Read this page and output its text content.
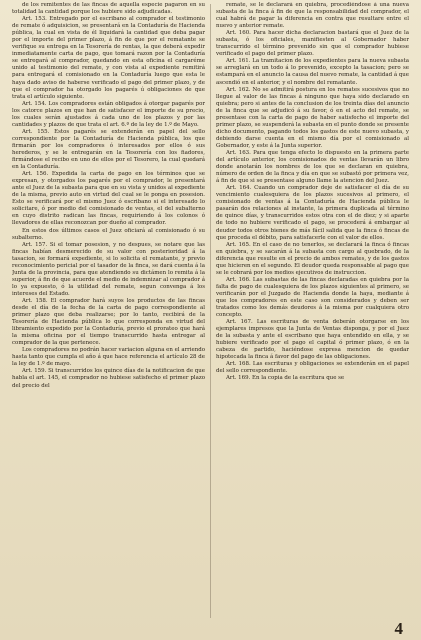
de los remitentes de las fincas de aquella especie pagaron en su totalidad la cantidad porque los hubiere sido adjudicadas.

Art. 153. Entregado por el escribano al comprador el testimonio de remate ó adquisicion, se presentará en la Contaduría de Hacienda pública, la cual en vista de él liquidará la cantidad que deba pagar por el importe del primer plazo, á fin de que por el rematante se verifique su entrega en la Tesorería de rentas, la que deberá expedir inmediatamente carta de pago, que tomará razon por la Contaduría se entregará al comprador, quedando en esta oficina el cargaréme unido al testimonio del remate, y con vista al expediente remitirá para entregará el comisionado en la Contaduría luego que esta le haya dado aviso de haberse verificado el pago del primer plazo, y de que el comprador ha otorgado los pagarés ú obligaciones de que trata el artículo siguiente.

Art. 154. Los compradores están obligados á otorgar pagarés por los catorce plazos en que han de satisfacer el importe de su precio, los cuales serán ajustados á cada uno de los plazos y por las cantidades y plazos de que trata el art. 6.º de la ley de 1.º de Mayo.

Art. 155. Estos pagarés se extenderán en papel del sello correspondiente por la Contaduría de Hacienda pública, los que firmarán por los compradores ó interesados por ellos ó sus herederos, y se le entregarán en la Tesorería con los fiadores, firmándose el recibo en uno de ellos por el Tesorero, la cual quedará en la Contaduría.

Art. 156. Expedida la carta de pago en los términos que se expresan, y otorgados los pagarés por el comprador, le presentará ante el Juez de la subasta para que en su vista y unidos al expediente de la misma, previo auto en virtud del cual se le ponga en posesion. Esto se verificará por el mismo Juez ó escribano si el interesado lo solicitare, ó por medio del comisionado de ventas, el del subalterno en cuyo distrito radican las fincas, requiriendo á los colonos ó llevadores de ellas reconozcan por dueño al comprador.

En estos dos últimos casos el Juez oficiará al comisionado ó su subalterno.

Art. 157. Si el tomar posesion, y no despues, se notare que las fincas habían desmerecido de su valor con posterioridad á la tasacion, se formará expediente, si lo solicita el rematante, y previo reconocimiento pericial por el tasador de la finca, se dará cuenta á la Junta de la provincia, para que atendiendo su dictámen lo remita á la superior, á fin de que acuerde el medio de indemnizar al comprador á lo ya expuesto, ó la utilidad del remate, segun convenga á los intereses del Estado.

Art. 158. El comprador hará suyos los productos de las fincas desde el día de la fecha de la carta de pago correspondiente al primer plazo que deba realizarse; por lo tanto, recibirá de la Tesorería de Hacienda pública lo que corresponda en virtud del libramiento expedido por la Contaduría, previo el prorateo que hará la misma oficina por el tiempo transcurrido hasta entregar al comprador de la que pertenece.

Los compradores no podrán hacer variacion alguna en el arriendo hasta tanto que cumpla el año á que hace referencia el artículo 28 de la ley de 1.º de mayo.

Art. 159. Si transcurridos los quince días de la notificacion de que habla el art. 145, el comprador no hubiese satisfecho el primer plazo del precio del

remate, se le declarará en quiebra, procediéndose á una nueva subasta de la finca á fin de que la responsabilidad del comprador, el cual habrá de pagar la diferencia en contra que resultare entre el nuevo y anterior remate.

Art. 160. Para hacer dicha declaracion bastará que el Juez de la subasta, ó los oficiales, manifiesten al Gobernador haber transcurrido el término prevenido sin que el comprador hubiese verificado el pago del primer plazo.

Art. 161. La tramitacion de los expedientes para la nueva subasta se arreglará en un todo á lo prevenido, excepto la tasacion; pero se estampará en el anuncio la causa del nuevo remate, la cantidad á que ascendió en el anterior, y el nombre del rematante.

Art. 162. No se admitirá postura en los remates sucesivos que no llegue al valor de las fincas á ninguno que haya sido declarado en quiebra; pero si antes de la conclusion de los treinta días del anuncio de la finca que se adjudicó á su favor, ó en el acto del remate, se presentase con la carta de pago de haber satisfecho el importe del primer plazo, se suspenderá la subasta en el punto donde se presente dicho documento, pagando todos los gastos de este nuevo subasta, y debiendo darse cuenta en el mismo día por el comisionado al Gobernador, y este á la Junta superior.

Art. 163. Para que tenga efecto lo dispuesto en la primera parte del artículo anterior, los comisionados de ventas llevarán un libro donde anotarán los nombres de los que se declaran en quiebra, número de orden de la finca y día en que se subastó por primera vez, á fin de que si se presentase alguno llame la atencion del Juez.

Art. 164. Cuando un comprador deje de satisfacer el día de su vencimiento cualesquiera de los plazos sucesivos al primero, el comisionado de ventas á la Contaduría de Hacienda pública le pasarán dos relaciones al instante, la primera duplicada al término de quince días, y transcurridos estos otra con el de diez; y si aparte de todo no hubiere verificado el pago, se procederá á embargar al deudor todos otros bienes de más fácil salida que la finca ó fincas de que proceda el débito, para satisfacerle con el valor de ellos.

Art. 165. En el caso de no tenerlos, se declarará la finca ó fincas en quiebra, y se sacarán á la subasta con cargo al quebrado, de la diferencia que resulte en el precio de ambos remates, y de los gastos que hicieren en el segundo. El deudor queda responsable al pago que se le cobrará por los medios ejecutivos de instruccion.

Art. 166. Las subastas de las fincas declaradas en quiebra por la falta de pago de cualesquiera de los plazos siguientes al primero, se verificarán por el Juzgado de Hacienda donde la haya, mediante á que los compradores en este caso son considerados y deben ser tratados como los demás deudores á la misma por cualquiera otro concepto.

Art. 167. Las escrituras de venta deberán otorgarse en los ejemplares impresos que la Junta de Ventas disponga, y por el Juez de la subasta y ante el escribano que haya entendido en ella, y se hubiere verificado por el pago el capital ó primer plazo, ó en la cabeza de partido, haciéndose expresa mencion de quedar hipotecada la finca á favor del pago de las obligaciones.

Art. 168. Las escrituras y obligaciones se extenderán en el papel del sello correspondiente.

Art. 169. En la copia de la escritura que se

4
